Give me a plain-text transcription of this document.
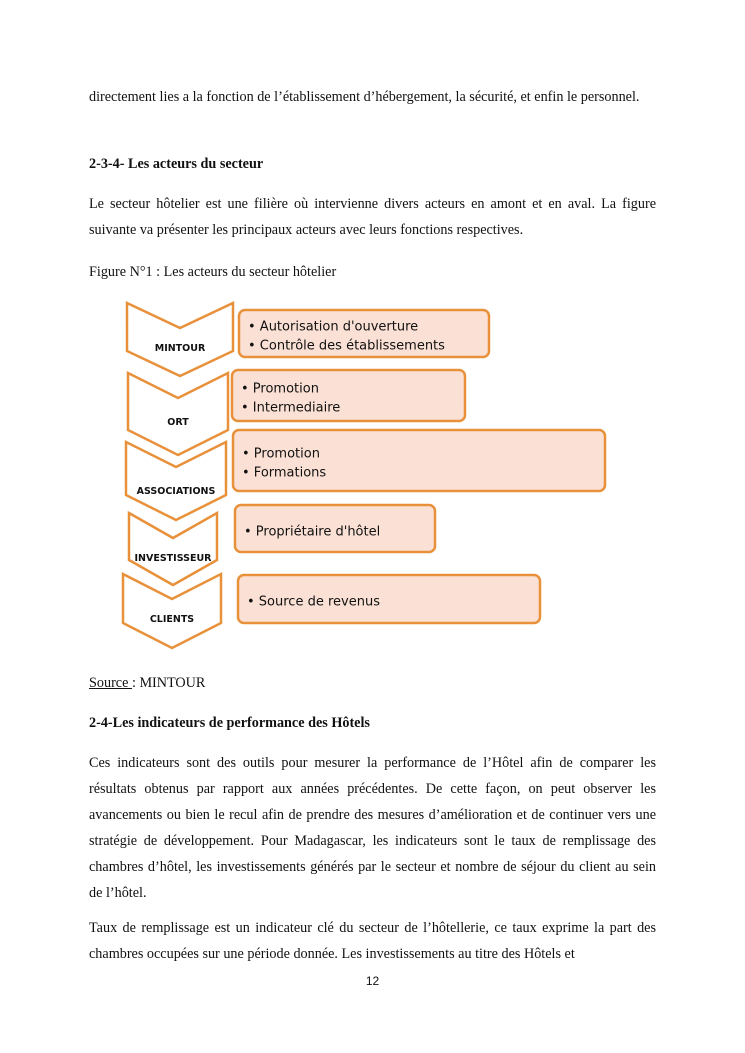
directement lies a la fonction de l’établissement d’hébergement, la sécurité, et enfin le personnel.

2-3-4- Les acteurs du secteur

Le secteur hôtelier est une filière où intervienne divers acteurs en amont et en aval. La figure suivante va présenter les principaux acteurs avec leurs fonctions respectives.

Figure N°1 : Les acteurs du secteur hôtelier

MINTOUR
• Autorisation d'ouverture
• Contrôle des établissements
ORT
• Promotion
• Intermediaire
ASSOCIATIONS
• Promotion
• Formations
INVESTISSEUR
• Propriétaire d'hôtel
CLIENTS
• Source de revenus
Source : MINTOUR

2-4-Les indicateurs de performance des Hôtels

Ces indicateurs sont des outils pour mesurer la performance de l’Hôtel afin de comparer les résultats obtenus par rapport aux années précédentes. De cette façon, on peut observer les avancements ou bien le recul afin de prendre des mesures d’amélioration et de continuer vers une stratégie de développement. Pour Madagascar, les indicateurs sont le taux de remplissage des chambres d’hôtel, les investissements générés par le secteur et nombre de séjour du client au sein de l’hôtel.

Taux de remplissage est un indicateur clé du secteur de l’hôtellerie, ce taux exprime la part des chambres occupées sur une période donnée. Les investissements au titre des Hôtels et

12
